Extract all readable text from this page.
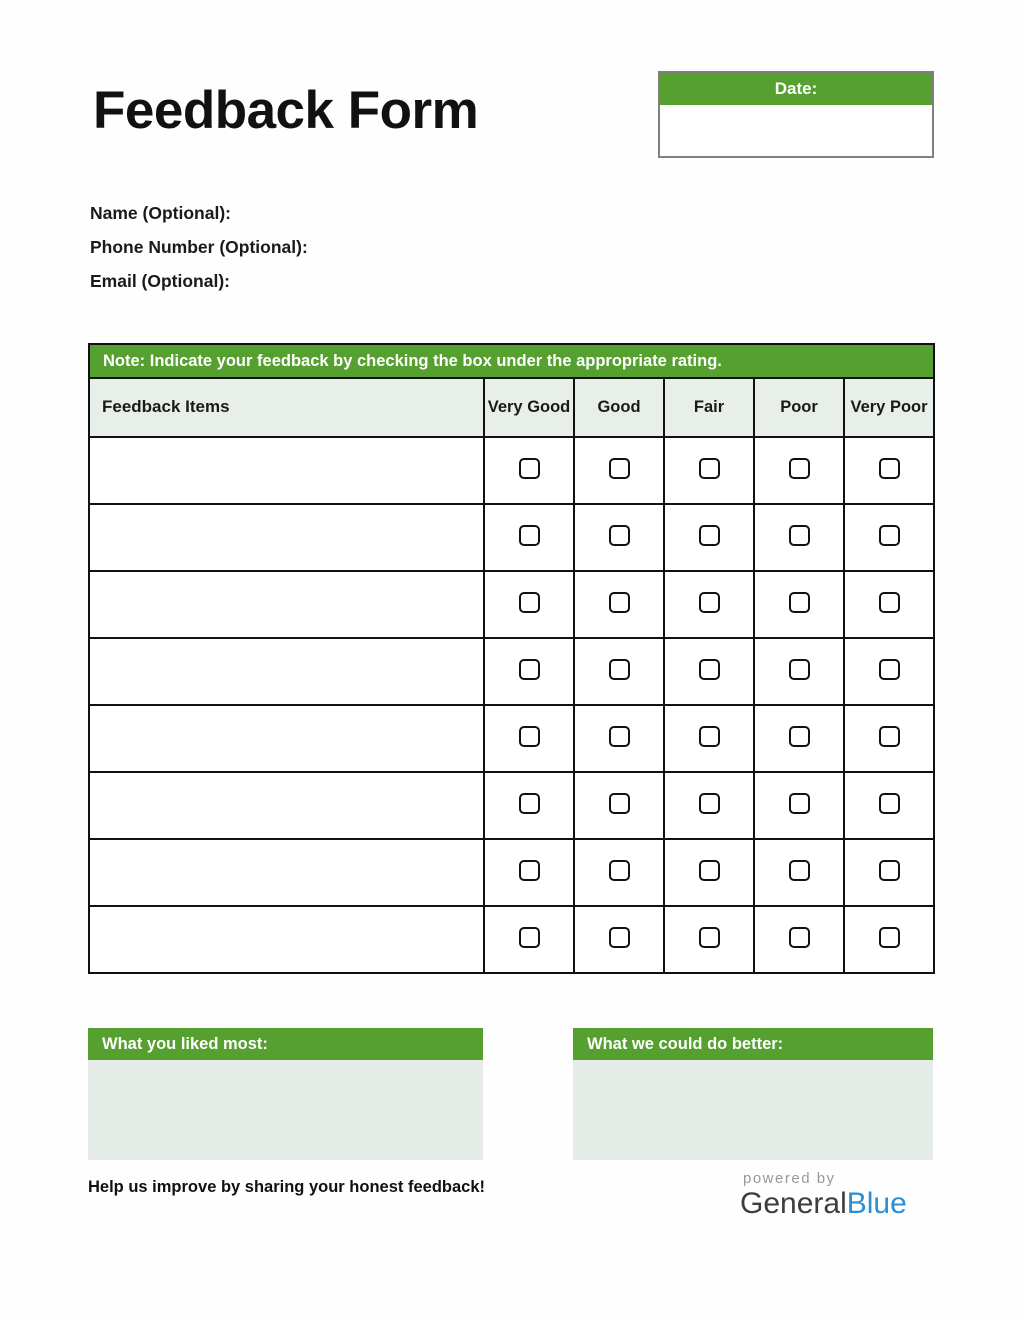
Feedback Form	Date:
Name (Optional):
Phone Number (Optional):
Email (Optional):
Note: Indicate your feedback by checking the box under the appropriate rating.					
Feedback Items	Very Good	Good	Fair	Poor	Very Poor

What you liked most:	What we could do better:
Help us improve by sharing your honest feedback!	powered by
GeneralBlue
